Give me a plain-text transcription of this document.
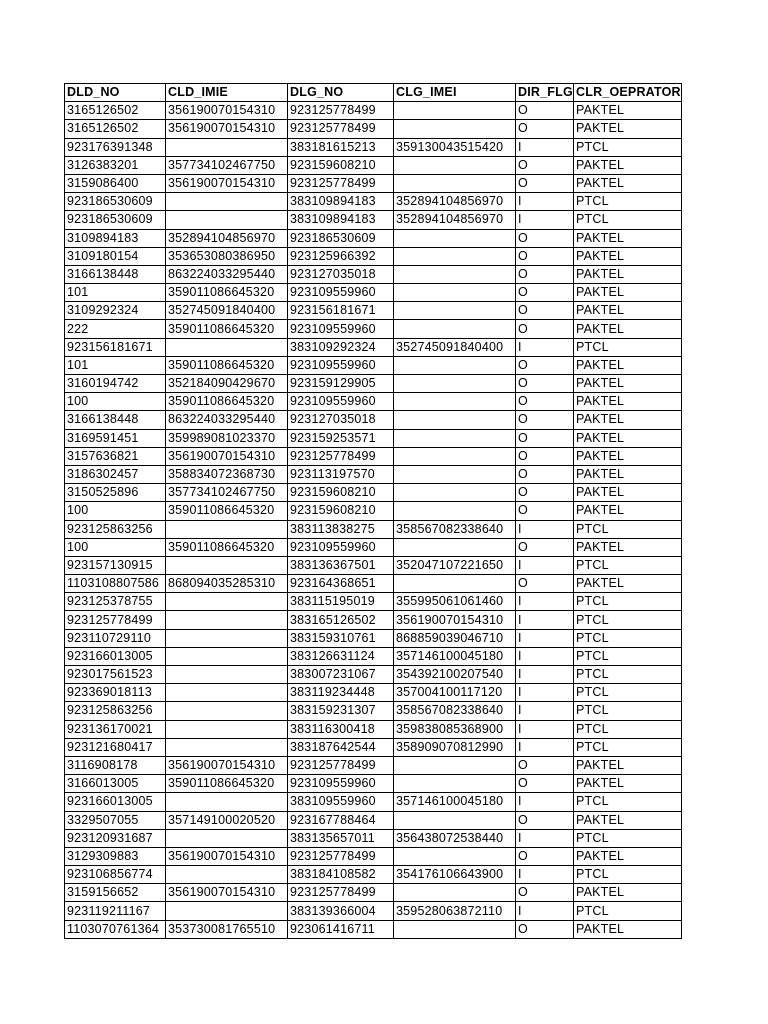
DLD_NO	CLD_IMIE	DLG_NO	CLG_IMEI	DIR_FLG	CLR_OEPRATOR
3165126502	356190070154310	923125778499		O	PAKTEL
3165126502	356190070154310	923125778499		O	PAKTEL
923176391348		383181615213	359130043515420	I	PTCL
3126383201	357734102467750	923159608210		O	PAKTEL
3159086400	356190070154310	923125778499		O	PAKTEL
923186530609		383109894183	352894104856970	I	PTCL
923186530609		383109894183	352894104856970	I	PTCL
3109894183	352894104856970	923186530609		O	PAKTEL
3109180154	353653080386950	923125966392		O	PAKTEL
3166138448	863224033295440	923127035018		O	PAKTEL
101	359011086645320	923109559960		O	PAKTEL
3109292324	352745091840400	923156181671		O	PAKTEL
222	359011086645320	923109559960		O	PAKTEL
923156181671		383109292324	352745091840400	I	PTCL
101	359011086645320	923109559960		O	PAKTEL
3160194742	352184090429670	923159129905		O	PAKTEL
100	359011086645320	923109559960		O	PAKTEL
3166138448	863224033295440	923127035018		O	PAKTEL
3169591451	359989081023370	923159253571		O	PAKTEL
3157636821	356190070154310	923125778499		O	PAKTEL
3186302457	358834072368730	923113197570		O	PAKTEL
3150525896	357734102467750	923159608210		O	PAKTEL
100	359011086645320	923159608210		O	PAKTEL
923125863256		383113838275	358567082338640	I	PTCL
100	359011086645320	923109559960		O	PAKTEL
923157130915		383136367501	352047107221650	I	PTCL
1103108807586	868094035285310	923164368651		O	PAKTEL
923125378755		383115195019	355995061061460	I	PTCL
923125778499		383165126502	356190070154310	I	PTCL
923110729110		383159310761	868859039046710	I	PTCL
923166013005		383126631124	357146100045180	I	PTCL
923017561523		383007231067	354392100207540	I	PTCL
923369018113		383119234448	357004100117120	I	PTCL
923125863256		383159231307	358567082338640	I	PTCL
923136170021		383116300418	359838085368900	I	PTCL
923121680417		383187642544	358909070812990	I	PTCL
3116908178	356190070154310	923125778499		O	PAKTEL
3166013005	359011086645320	923109559960		O	PAKTEL
923166013005		383109559960	357146100045180	I	PTCL
3329507055	357149100020520	923167788464		O	PAKTEL
923120931687		383135657011	356438072538440	I	PTCL
3129309883	356190070154310	923125778499		O	PAKTEL
923106856774		383184108582	354176106643900	I	PTCL
3159156652	356190070154310	923125778499		O	PAKTEL
923119211167		383139366004	359528063872110	I	PTCL
1103070761364	353730081765510	923061416711		O	PAKTEL
